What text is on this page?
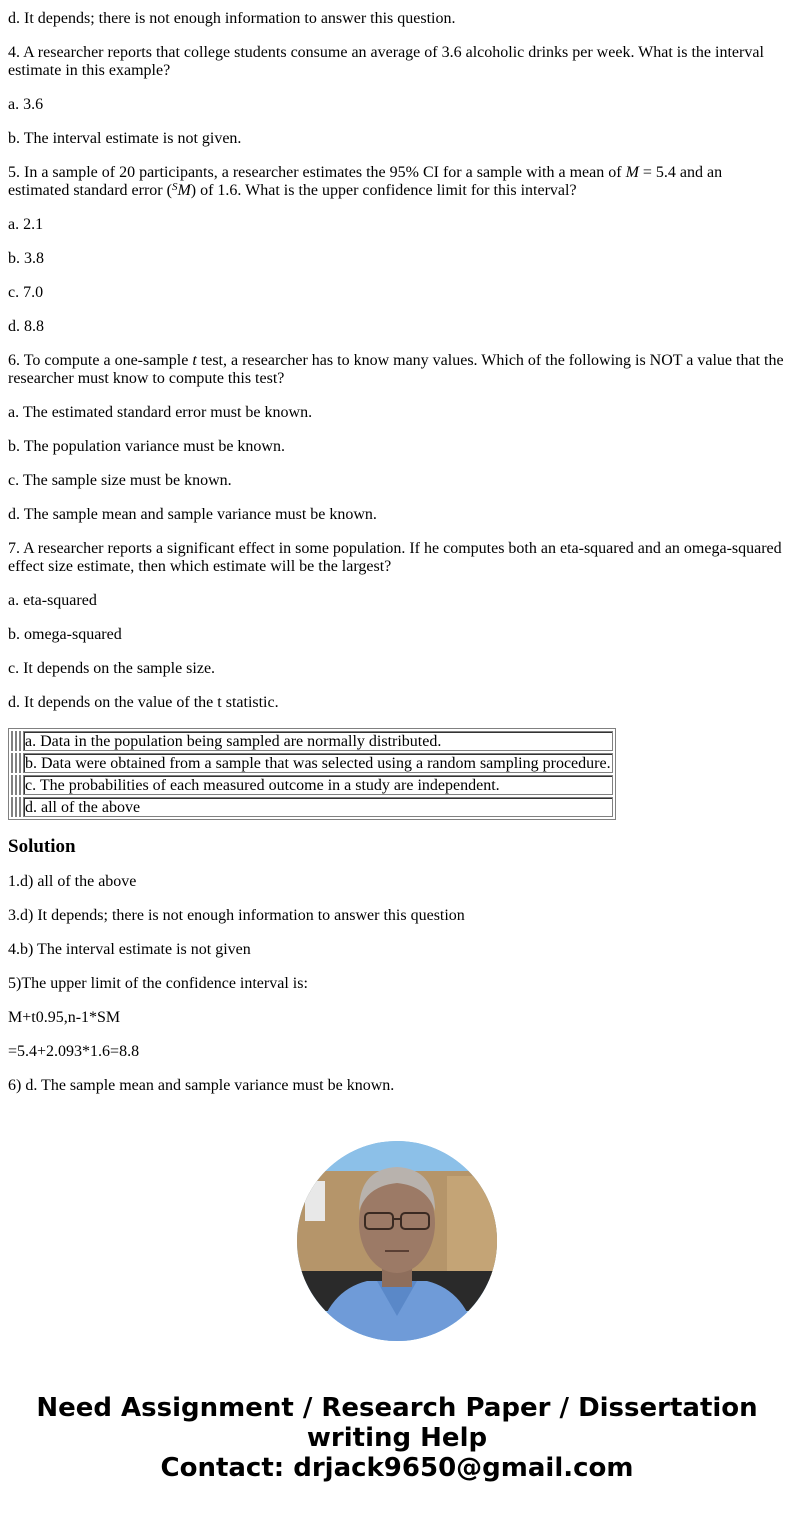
d. It depends; there is not enough information to answer this question.

4. A researcher reports that college students consume an average of 3.6 alcoholic drinks per week. What is the interval estimate in this example?

a. 3.6

b. The interval estimate is not given.

5. In a sample of 20 participants, a researcher estimates the 95% CI for a sample with a mean of M = 5.4 and an estimated standard error ($^S$M) of 1.6. What is the upper confidence limit for this interval?

a. 2.1

b. 3.8

c. 7.0

d. 8.8

6. To compute a one-sample t test, a researcher has to know many values. Which of the following is NOT a value that the researcher must know to compute this test?

a. The estimated standard error must be known.

b. The population variance must be known.

c. The sample size must be known.

d. The sample mean and sample variance must be known.

7. A researcher reports a significant effect in some population. If he computes both an eta-squared and an omega-squared effect size estimate, then which estimate will be the largest?

a. eta-squared

b. omega-squared

c. It depends on the sample size.

d. It depends on the value of the t statistic.

			a. Data in the population being sampled are normally distributed.
			b. Data were obtained from a sample that was selected using a random sampling procedure.
			c. The probabilities of each measured outcome in a study are independent.
			d. all of the above
Solution

1.d) all of the above

3.d) It depends; there is not enough information to answer this question

4.b) The interval estimate is not given

5)The upper limit of the confidence interval is:

M+t0.95,n-1*SM

=5.4+2.093*1.6=8.8

6) d. The sample mean and sample variance must be known.

Need Assignment / Research Paper / Dissertation
writing Help
Contact: drjack9650@gmail.com
